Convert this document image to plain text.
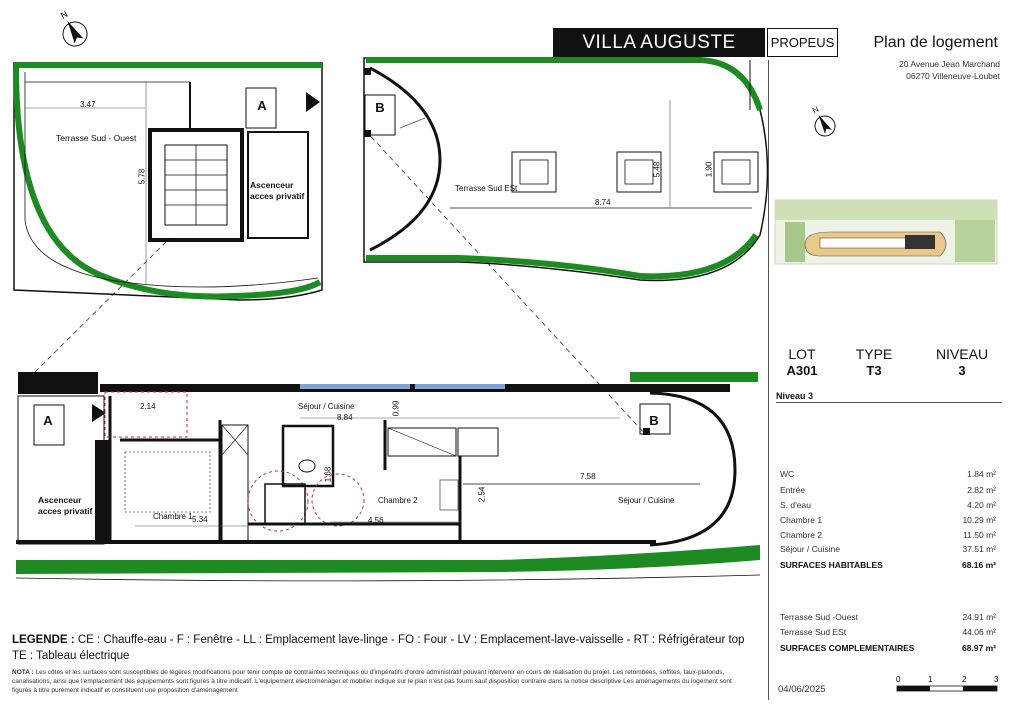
N
N
Terrasse Sud - Ouest
3.47
5.78
A
Ascenceur
acces privatif
B
Terrasse Sud ESt
8.74
5.48	1.90
A
Ascenceur
acces privatif
B
2.14	Séjour / Cuisine
8.84
0.99
7.58
Séjour / Cuisine
1.68
2.54
Chambre 2
Chambre 1 5.34	4.56
VILLA AUGUSTE	PROPEUS Plan de logement
20 Avenue Jean Marchand
06270 Villeneuve-Loubet
LOT
A301
TYPE
T3
NIVEAU
3
Niveau 3
WC	1.84 m²
Entrée	2.82 m²
S. d'eau	4.20 m²
Chambre 1	10.29 m²
Chambre 2	11.50 m²
Séjour / Cuisine	37.51 m²
SURFACES HABITABLES	68.16 m²
Terrasse Sud -Ouest	24.91 m²
Terrasse Sud ESt	44.06 m²
SURFACES COMPLEMENTAIRES	68.97 m²
LEGENDE : CE : Chauffe-eau - F : Fenêtre - LL : Emplacement lave-linge - FO : Four - LV : Emplacement-lave-vaisselle - RT : Réfrigérateur top
TE : Tableau électrique
NOTA : Les côtes et les surfaces sont susceptibles de légères modifications pour tenir compte de contraintes techniques ou d'impératifs d'ordre administratif pouvant intervenir en cours de réalisation du projet. Les retombées, soffites, faux-plafonds, canalisations, ainsi que l'emplacement des équipements sont figurés à titre indicatif. L'équipement électroménager et mobilier indiqué sur le plan n'est pas fourni sauf disposition contraire dans la notice descriptive Les aménagements du logement sont figurés à titre purement indicatif et constituent une proposition d'aménagement	04/06/2025
0	1	2	3
